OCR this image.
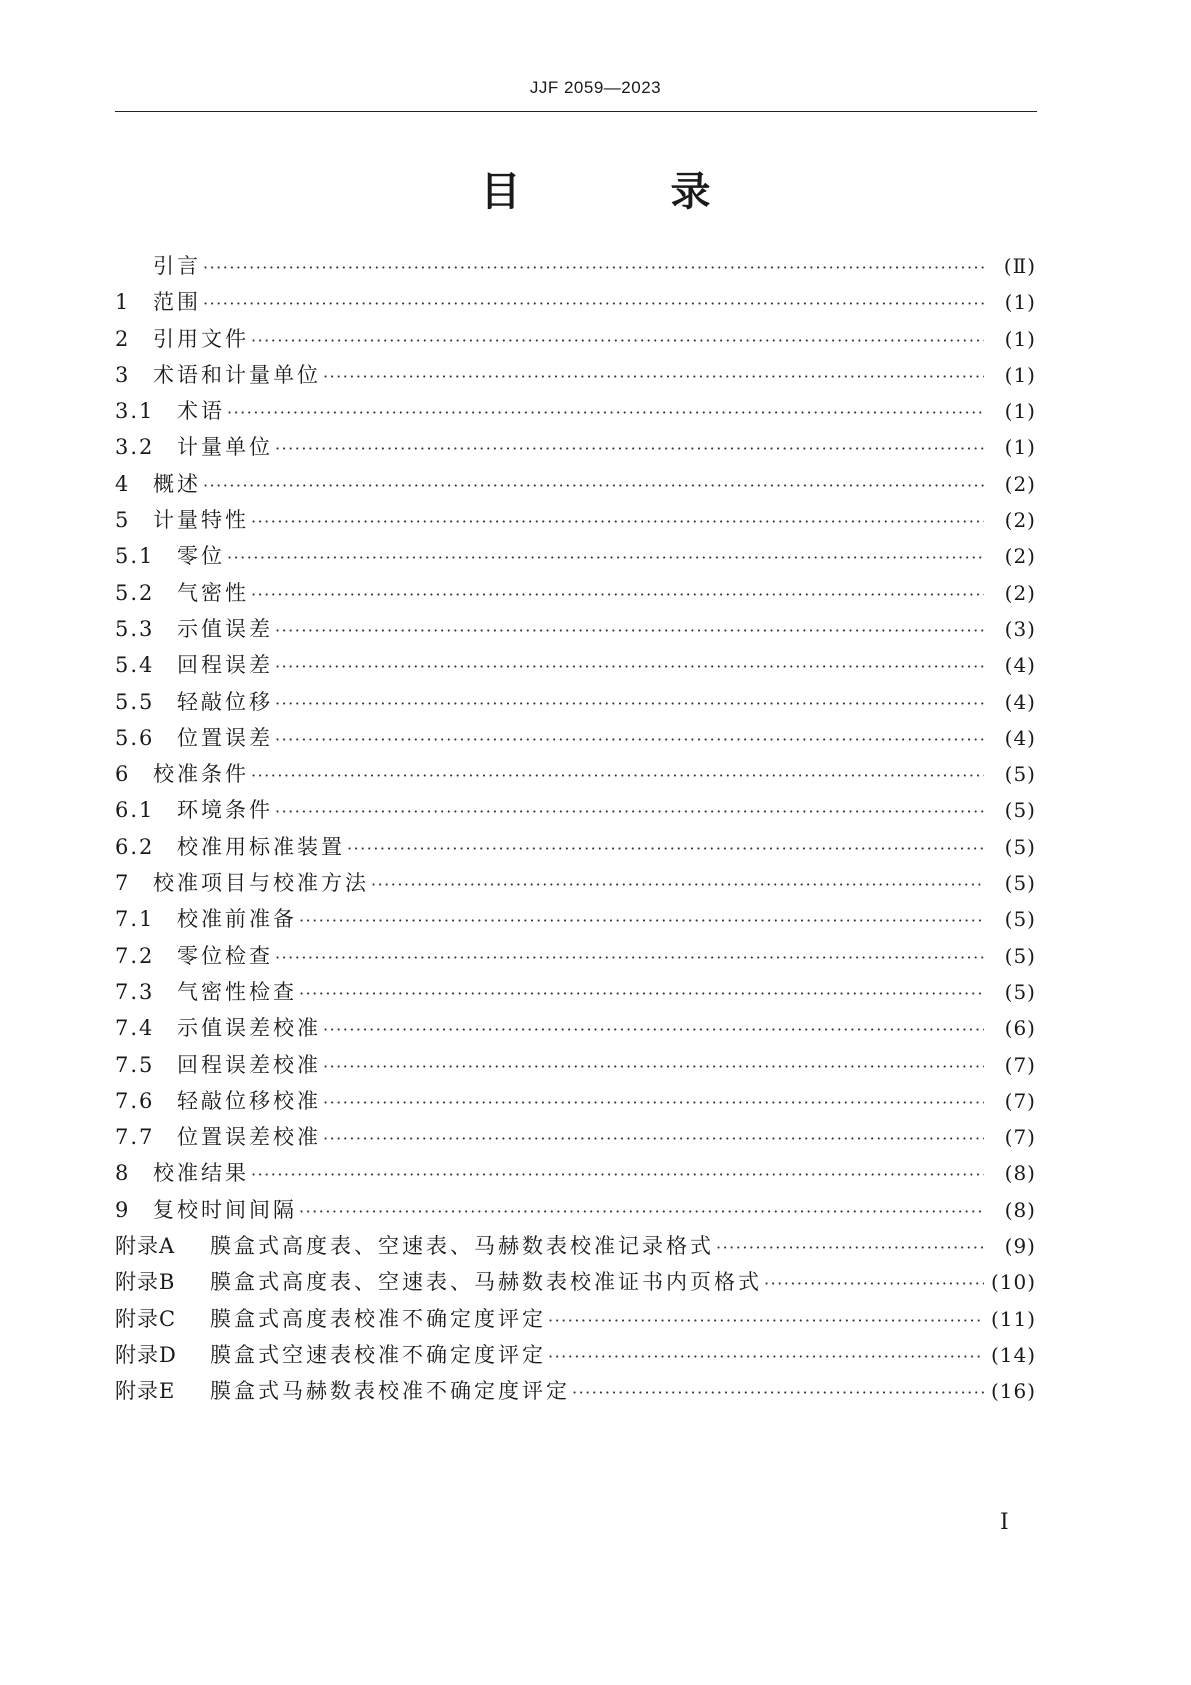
JJF 2059—2023
目 录
引言 ·····	(Ⅱ)
1	范围 ·····	(1)
2	引用文件 ·····	(1)
3	术语和计量单位 ·····	(1)
3.1	术语 ·····	(1)
3.2	计量单位 ·····	(1)
4	概述 ·····	(2)
5	计量特性 ·····	(2)
5.1	零位 ·····	(2)
5.2	气密性 ·····	(2)
5.3	示值误差 ·····	(3)
5.4	回程误差 ·····	(4)
5.5	轻敲位移 ·····	(4)
5.6	位置误差 ·····	(4)
6	校准条件 ·····	(5)
6.1	环境条件 ·····	(5)
6.2	校准用标准装置 ·····	(5)
7	校准项目与校准方法 ·····	(5)
7.1	校准前准备 ·····	(5)
7.2	零位检查 ·····	(5)
7.3	气密性检查 ·····	(5)
7.4	示值误差校准 ·····	(6)
7.5	回程误差校准 ·····	(7)
7.6	轻敲位移校准 ·····	(7)
7.7	位置误差校准 ·····	(7)
8	校准结果 ·····	(8)
9	复校时间间隔 ·····	(8)
附录A	膜盒式高度表、空速表、马赫数表校准记录格式 ·····	(9)
附录B	膜盒式高度表、空速表、马赫数表校准证书内页格式 ·····	(10)
附录C	膜盒式高度表校准不确定度评定 ·····	(11)
附录D	膜盒式空速表校准不确定度评定 ·····	(14)
附录E	膜盒式马赫数表校准不确定度评定 ·····	(16)
I
